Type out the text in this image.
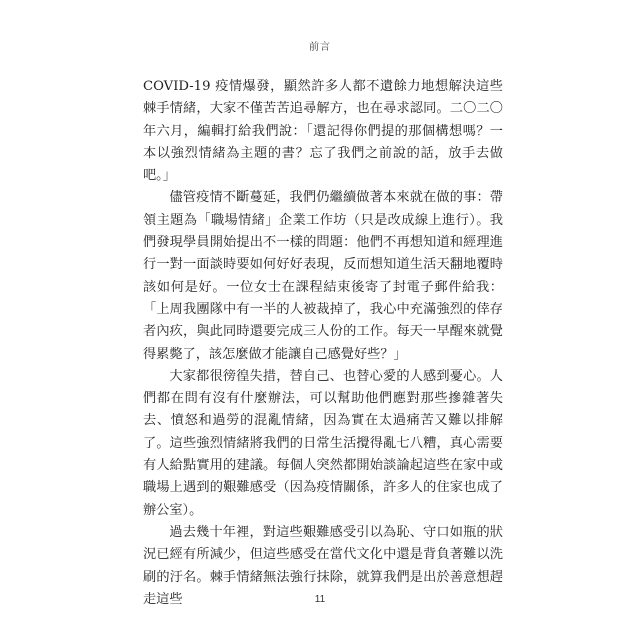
前言

COVID-19 疫情爆發，顯然許多人都不遺餘力地想解決這些棘手情緒，大家不僅苦苦追尋解方，也在尋求認同。二〇二〇年六月，編輯打給我們說：「還記得你們提的那個構想嗎？一本以強烈情緒為主題的書？忘了我們之前說的話，放手去做吧。」

儘管疫情不斷蔓延，我們仍繼續做著本來就在做的事：帶領主題為「職場情緒」企業工作坊（只是改成線上進行）。我們發現學員開始提出不一樣的問題：他們不再想知道和經理進行一對一面談時要如何好好表現，反而想知道生活天翻地覆時該如何是好。一位女士在課程結束後寄了封電子郵件給我：「上周我團隊中有一半的人被裁掉了，我心中充滿強烈的倖存者內疚，與此同時還要完成三人份的工作。每天一早醒來就覺得累斃了，該怎麼做才能讓自己感覺好些？」

大家都很徬徨失措，替自己、也替心愛的人感到憂心。人們都在問有沒有什麼辦法，可以幫助他們應對那些摻雜著失去、憤怒和過勞的混亂情緒，因為實在太過痛苦又難以排解了。這些強烈情緒將我們的日常生活攪得亂七八糟，真心需要有人給點實用的建議。每個人突然都開始談論起這些在家中或職場上遇到的艱難感受（因為疫情關係，許多人的住家也成了辦公室）。

過去幾十年裡，對這些艱難感受引以為恥、守口如瓶的狀況已經有所減少，但這些感受在當代文化中還是背負著難以洗刷的汙名。棘手情緒無法強行抹除，就算我們是出於善意想趕走這些	11
